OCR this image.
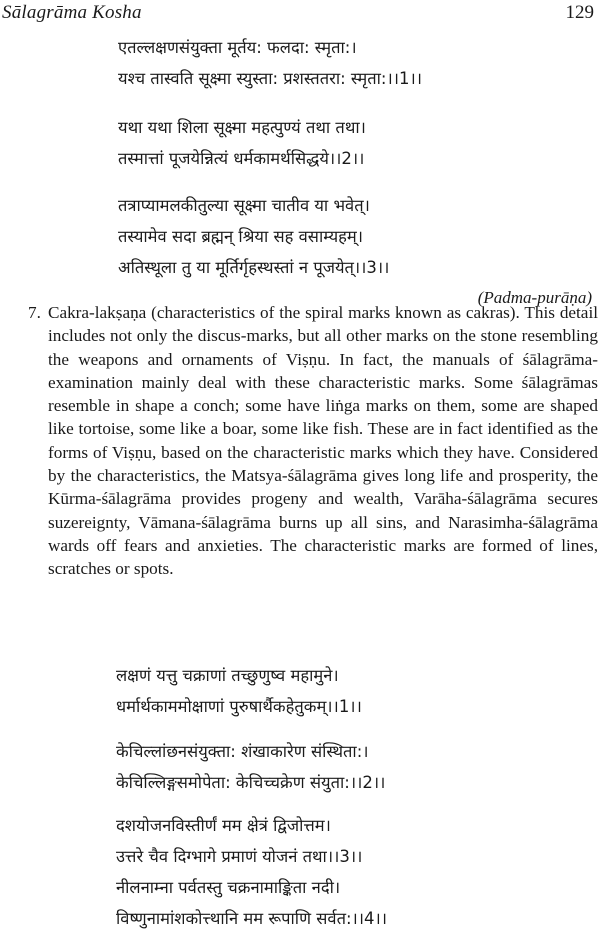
Sālagrāma Kosha	129
एतल्लक्षणसंयुक्ता मूर्तय: फलदा: स्मृता:।
यश्च तास्वति सूक्ष्मा स्युस्ता: प्रशस्ततरा: स्मृता:।।1।।
यथा यथा शिला सूक्ष्मा महत्पुण्यं तथा तथा।
तस्मात्तां पूजयेन्नित्यं धर्मकामर्थसिद्धये।।2।।
तत्राप्यामलकीतुल्या सूक्ष्मा चातीव या भवेत्।
तस्यामेव सदा ब्रह्मन् श्रिया सह वसाम्यहम्।
अतिस्थूला तु या मूर्तिर्गृहस्थस्तां न पूजयेत्।।3।।
(Padma-purāṇa)
7. Cakra-lakṣaṇa (characteristics of the spiral marks known as cakras). This detail includes not only the discus-marks, but all other marks on the stone resembling the weapons and ornaments of Viṣṇu. In fact, the manuals of śālagrāma-examination mainly deal with these characteristic marks. Some śālagrāmas resemble in shape a conch; some have liṅga marks on them, some are shaped like tortoise, some like a boar, some like fish. These are in fact identified as the forms of Viṣṇu, based on the characteristic marks which they have. Considered by the characteristics, the Matsya-śālagrāma gives long life and prosperity, the Kūrma-śālagrāma provides progeny and wealth, Varāha-śālagrāma secures suzereignty, Vāmana-śālagrāma burns up all sins, and Narasimha-śālagrāma wards off fears and anxieties. The characteristic marks are formed of lines, scratches or spots.
लक्षणं यत्तु चक्राणां तच्छुणुष्व महामुने।
धर्मार्थकाममोक्षाणां पुरुषार्थैकहेतुकम्।।1।।
केचिल्लांछनसंयुक्ता: शंखाकारेण संस्थिता:।
केचिल्लिङ्गसमोपेता: केचिच्चक्रेण संयुता:।।2।।
दशयोजनविस्तीर्णं मम क्षेत्रं द्विजोत्तम।
उत्तरे चैव दिग्भागे प्रमाणं योजनं तथा।।3।।
नीलनाम्ना पर्वतस्तु चक्रनामाङ्किता नदी।
विष्णुनामांशकोत्त्थानि मम रूपाणि सर्वत:।।4।।
